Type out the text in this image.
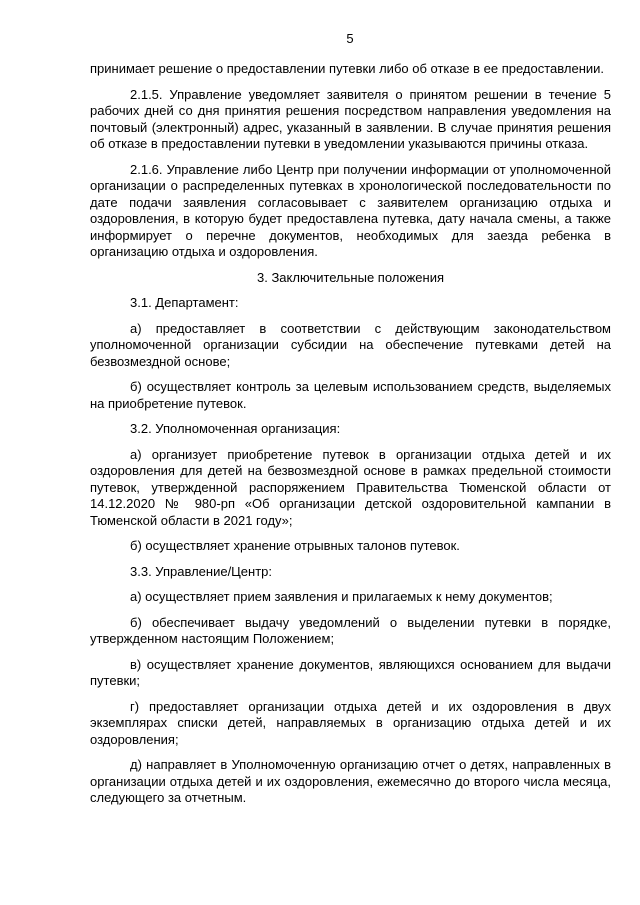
5

принимает решение о предоставлении путевки либо об отказе в ее предоставлении.

2.1.5. Управление уведомляет заявителя о принятом решении в течение 5 рабочих дней со дня принятия решения посредством направления уведомления на почтовый (электронный) адрес, указанный в заявлении. В случае принятия решения об отказе в предоставлении путевки в уведомлении указываются причины отказа.

2.1.6. Управление либо Центр при получении информации от уполномоченной организации о распределенных путевках в хронологической последовательности по дате подачи заявления согласовывает с заявителем организацию отдыха и оздоровления, в которую будет предоставлена путевка, дату начала смены, а также информирует о перечне документов, необходимых для заезда ребенка в организацию отдыха и оздоровления.

3. Заключительные положения

3.1. Департамент:

а) предоставляет в соответствии с действующим законодательством уполномоченной организации субсидии на обеспечение путевками детей на безвозмездной основе;

б) осуществляет контроль за целевым использованием средств, выделяемых на приобретение путевок.

3.2. Уполномоченная организация:

а) организует приобретение путевок в организации отдыха детей и их оздоровления для детей на безвозмездной основе в рамках предельной стоимости путевок, утвержденной распоряжением Правительства Тюменской области от 14.12.2020 № 980-рп «Об организации детской оздоровительной кампании в Тюменской области в 2021 году»;

б) осуществляет хранение отрывных талонов путевок.

3.3. Управление/Центр:

а) осуществляет прием заявления и прилагаемых к нему документов;

б) обеспечивает выдачу уведомлений о выделении путевки в порядке, утвержденном настоящим Положением;

в) осуществляет хранение документов, являющихся основанием для выдачи путевки;

г) предоставляет организации отдыха детей и их оздоровления в двух экземплярах списки детей, направляемых в организацию отдыха детей и их оздоровления;

д) направляет в Уполномоченную организацию отчет о детях, направленных в организации отдыха детей и их оздоровления, ежемесячно до второго числа месяца, следующего за отчетным.
